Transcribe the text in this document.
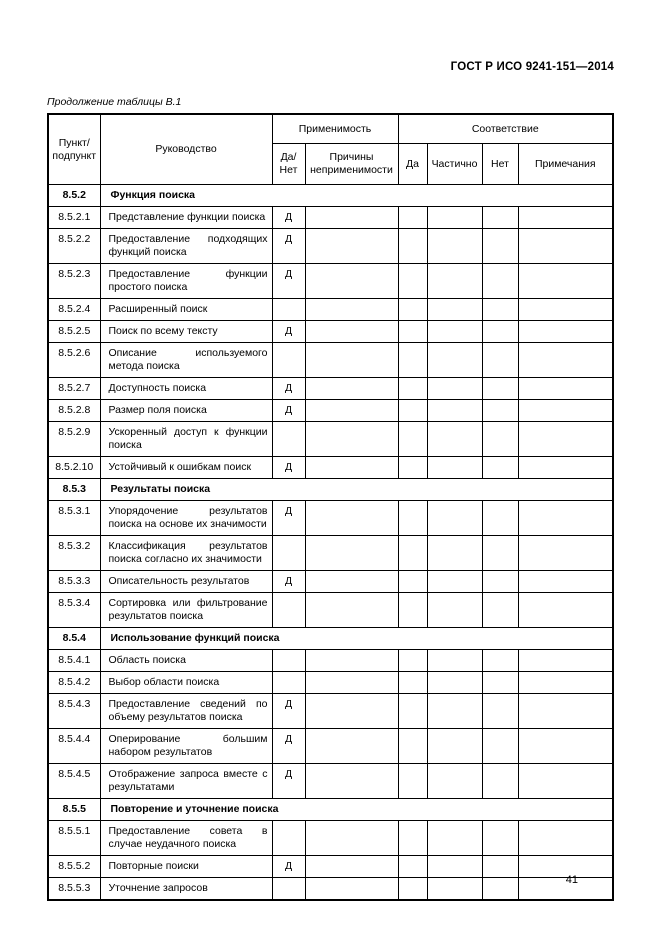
ГОСТ Р ИСО 9241-151—2014
Продолжение таблицы В.1
Пункт/ подпункт	Руководство	Применимость		Соответствие			
		Да/ Нет	Причины неприменимости	Да	Частично	Нет	Примечания
8.5.2	Функция поиска						
8.5.2.1	Представление функции поиска	Д					
8.5.2.2	Предоставление подходящих функций поиска	Д					
8.5.2.3	Предоставление функции простого поиска	Д					
8.5.2.4	Расширенный поиск						
8.5.2.5	Поиск по всему тексту	Д					
8.5.2.6	Описание используемого метода поиска						
8.5.2.7	Доступность поиска	Д					
8.5.2.8	Размер поля поиска	Д					
8.5.2.9	Ускоренный доступ к функции поиска						
8.5.2.10	Устойчивый к ошибкам поиск	Д					
8.5.3	Результаты поиска						
8.5.3.1	Упорядочение результатов поиска на основе их значимости	Д					
8.5.3.2	Классификация результатов поиска согласно их значимости						
8.5.3.3	Описательность результатов	Д					
8.5.3.4	Сортировка или фильтрование результатов поиска						
8.5.4	Использование функций поиска						
8.5.4.1	Область поиска						
8.5.4.2	Выбор области поиска						
8.5.4.3	Предоставление сведений по объему результатов поиска	Д					
8.5.4.4	Оперирование большим набором результатов	Д					
8.5.4.5	Отображение запроса вместе с результатами	Д					
8.5.5	Повторение и уточнение поиска						
8.5.5.1	Предоставление совета в случае неудачного поиска						
8.5.5.2	Повторные поиски	Д					
8.5.5.3	Уточнение запросов						
41
